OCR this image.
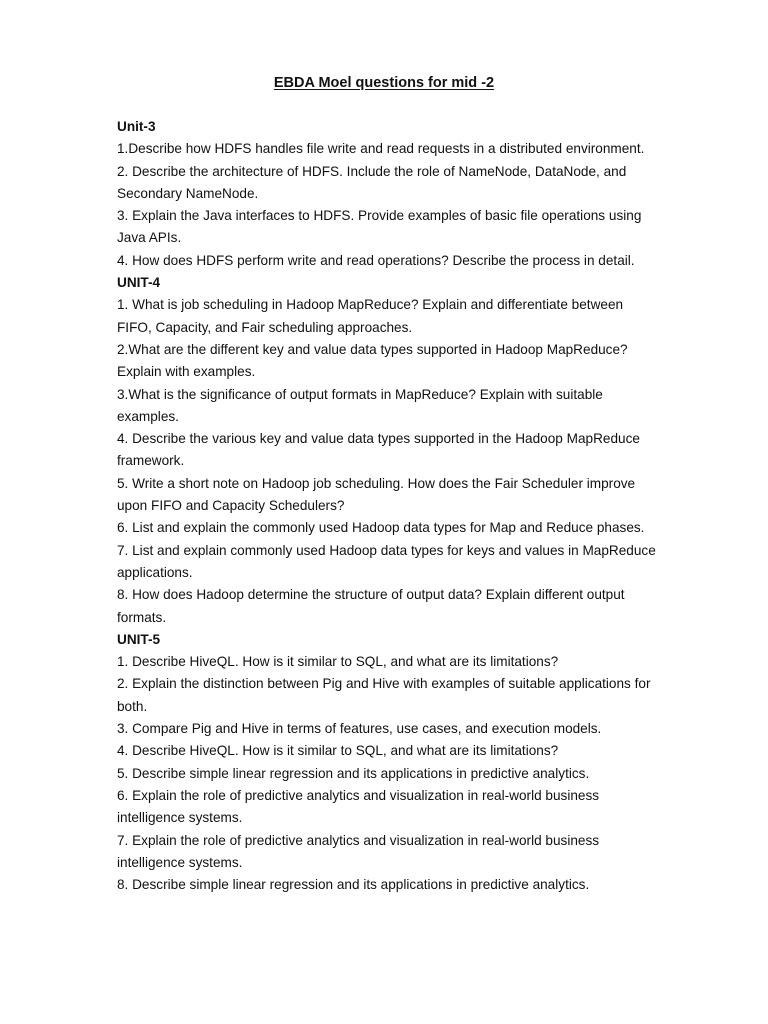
EBDA Moel questions for mid -2

Unit-3

1.Describe how HDFS handles file write and read requests in a distributed environment.

2. Describe the architecture of HDFS. Include the role of NameNode, DataNode, and Secondary NameNode.

3. Explain the Java interfaces to HDFS. Provide examples of basic file operations using Java APIs.

4. How does HDFS perform write and read operations? Describe the process in detail.

UNIT-4

1. What is job scheduling in Hadoop MapReduce? Explain and differentiate between FIFO, Capacity, and Fair scheduling approaches.

2.What are the different key and value data types supported in Hadoop MapReduce? Explain with examples.

3.What is the significance of output formats in MapReduce? Explain with suitable examples.

4. Describe the various key and value data types supported in the Hadoop MapReduce framework.

5. Write a short note on Hadoop job scheduling. How does the Fair Scheduler improve upon FIFO and Capacity Schedulers?

6. List and explain the commonly used Hadoop data types for Map and Reduce phases.

7. List and explain commonly used Hadoop data types for keys and values in MapReduce applications.

8. How does Hadoop determine the structure of output data? Explain different output formats.

UNIT-5

1. Describe HiveQL. How is it similar to SQL, and what are its limitations?

2. Explain the distinction between Pig and Hive with examples of suitable applications for both.

3. Compare Pig and Hive in terms of features, use cases, and execution models.

4. Describe HiveQL. How is it similar to SQL, and what are its limitations?

5. Describe simple linear regression and its applications in predictive analytics.

6. Explain the role of predictive analytics and visualization in real-world business intelligence systems.

7. Explain the role of predictive analytics and visualization in real-world business intelligence systems.

8. Describe simple linear regression and its applications in predictive analytics.
